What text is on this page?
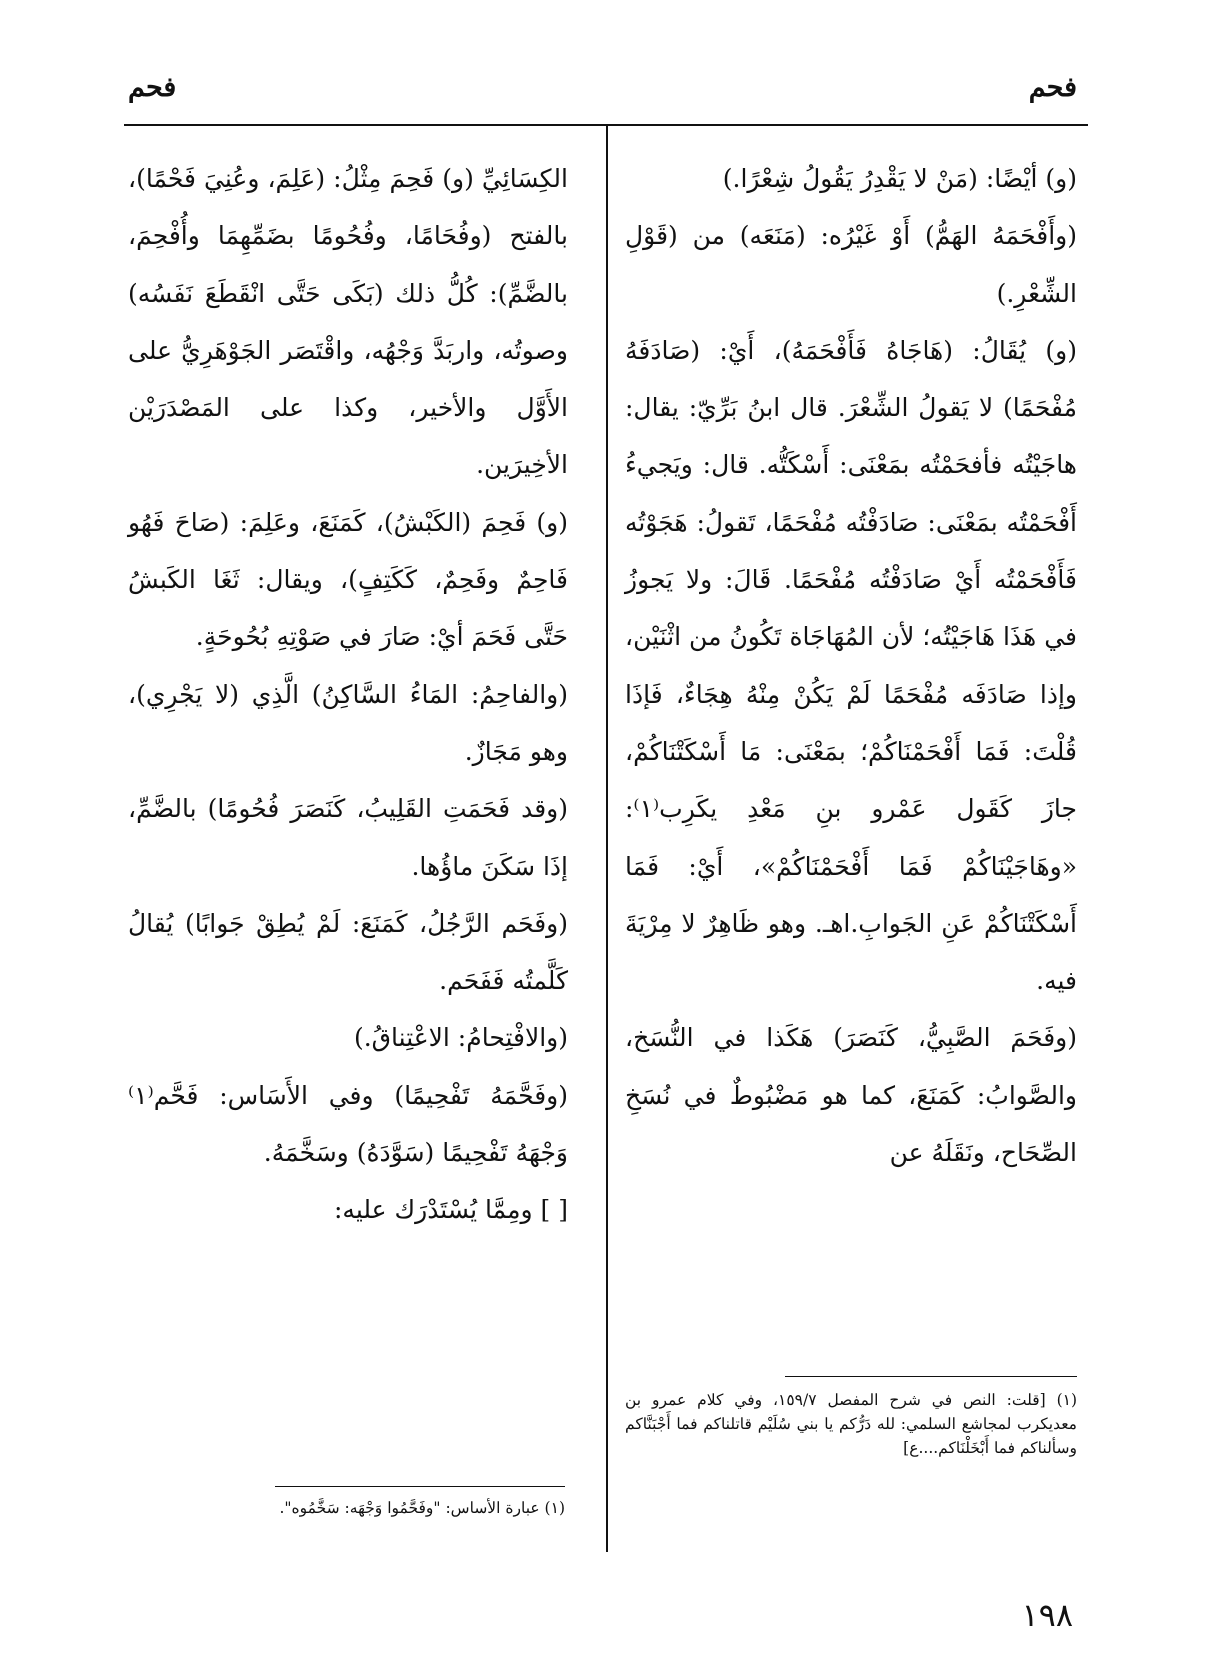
فحم
فحم

(و) أيْضًا: (مَنْ لا يَقْدِرُ يَقُولُ شِعْرًا.)

(وأَفْحَمَهُ الهَمُّ) أَوْ غَيْرُه: (مَنَعَه) من (قَوْلِ الشِّعْرِ.)

(و) يُقَالُ: (هَاجَاهُ فَأَفْحَمَهُ)، أَيْ: (صَادَفَهُ مُفْحَمًا) لا يَقولُ الشِّعْرَ. قال ابنُ بَرِّيّ: يقال: هاجَيْتُه فأفحَمْتُه بمَعْنَى: أَسْكَتُّه. قال: ويَجيءُ أَفْحَمْتُه بمَعْنَى: صَادَفْتُه مُفْحَمًا، تَقولُ: هَجَوْتُه فَأَفْحَمْتُه أَيْ صَادَفْتُه مُفْحَمًا. قَالَ: ولا يَجوزُ في هَذَا هَاجَيْتُه؛ لأن المُهَاجَاة تَكُونُ من اثْنَيْن، وإذا صَادَفَه مُفْحَمًا لَمْ يَكُنْ مِنْهُ هِجَاءٌ، فَإذَا قُلْتَ: فَمَا أَفْحَمْنَاكُمْ؛ بمَعْنَى: مَا أَسْكَتْنَاكُمْ، جازَ كَقَول عَمْرو بنِ مَعْدِ يكَرِب⁽١⁾: «وهَاجَيْنَاكُمْ فَمَا أَفْحَمْنَاكُمْ»، أَيْ: فَمَا أَسْكَتْنَاكُمْ عَنِ الجَوابِ.اهـ. وهو ظَاهِرٌ لا مِرْيَةَ فيه.

(وفَحَمَ الصَّبِيُّ، كَنَصَرَ) هَكَذا في النُّسَخ، والصَّوابُ: كَمَنَعَ، كما هو مَضْبُوطٌ في نُسَخِ الصِّحَاح، ونَقَلَهُ عن

الكِسَائِيِّ (و) فَحِمَ مِثْلُ: (عَلِمَ، وعُنِيَ فَحْمًا)، بالفتح (وفُحَامًا، وفُحُومًا بضَمِّهِمَا وأُفْحِمَ، بالضَّمِّ): كُلُّ ذلك (بَكَى حَتَّى انْقَطَعَ نَفَسُه) وصوتُه، واربَدَّ وَجْهُه، واقْتَصَر الجَوْهَرِيُّ على الأَوَّل والأخير، وكذا على المَصْدَرَيْن الأخِيرَين.

(و) فَحِمَ (الكَبْشُ)، كَمَنَعَ، وعَلِمَ: (صَاحَ فَهُو فَاحِمٌ وفَحِمٌ، كَكَتِفٍ)، ويقال: ثَغَا الكَبشُ حَتَّى فَحَمَ أيْ: صَارَ في صَوْتِهِ بُحُوحَةٍ.

(والفاحِمُ: المَاءُ السَّاكِنُ) الَّذِي (لا يَجْرِي)، وهو مَجَازٌ.

(وقد فَحَمَتِ القَلِيبُ، كَنَصَرَ فُحُومًا) بالضَّمِّ، إذَا سَكَنَ ماؤُها.

(وفَحَم الرَّجُلُ، كَمَنَعَ: لَمْ يُطِقْ جَوابًا) يُقالُ كَلَّمتُه فَفَحَم.

(والافْتِحامُ: الاعْتِناقُ.)

(وفَحَّمَهُ تَفْحِيمًا) وفي الأَسَاس: فَحَّم⁽١⁾ وَجْهَهُ تَفْحِيمًا (سَوَّدَهُ) وسَخَّمَهُ.

[ ] ومِمَّا يُسْتَدْرَك عليه:

(١) [قلت: النص في شرح المفصل ١٥٩/٧، وفي كلام عمرو بن معديكرب لمجاشع السلمي: لله دَرُّكم يا بني سُلَيْم قاتلناكم فما أَجْبَنَّاكم وسألناكم فما أَبْخَلْنَاكم....ع]
(١) عبارة الأساس: "وفَحَّمُوا وَجْهَه: سَخَّمُوه".
١٩٨
